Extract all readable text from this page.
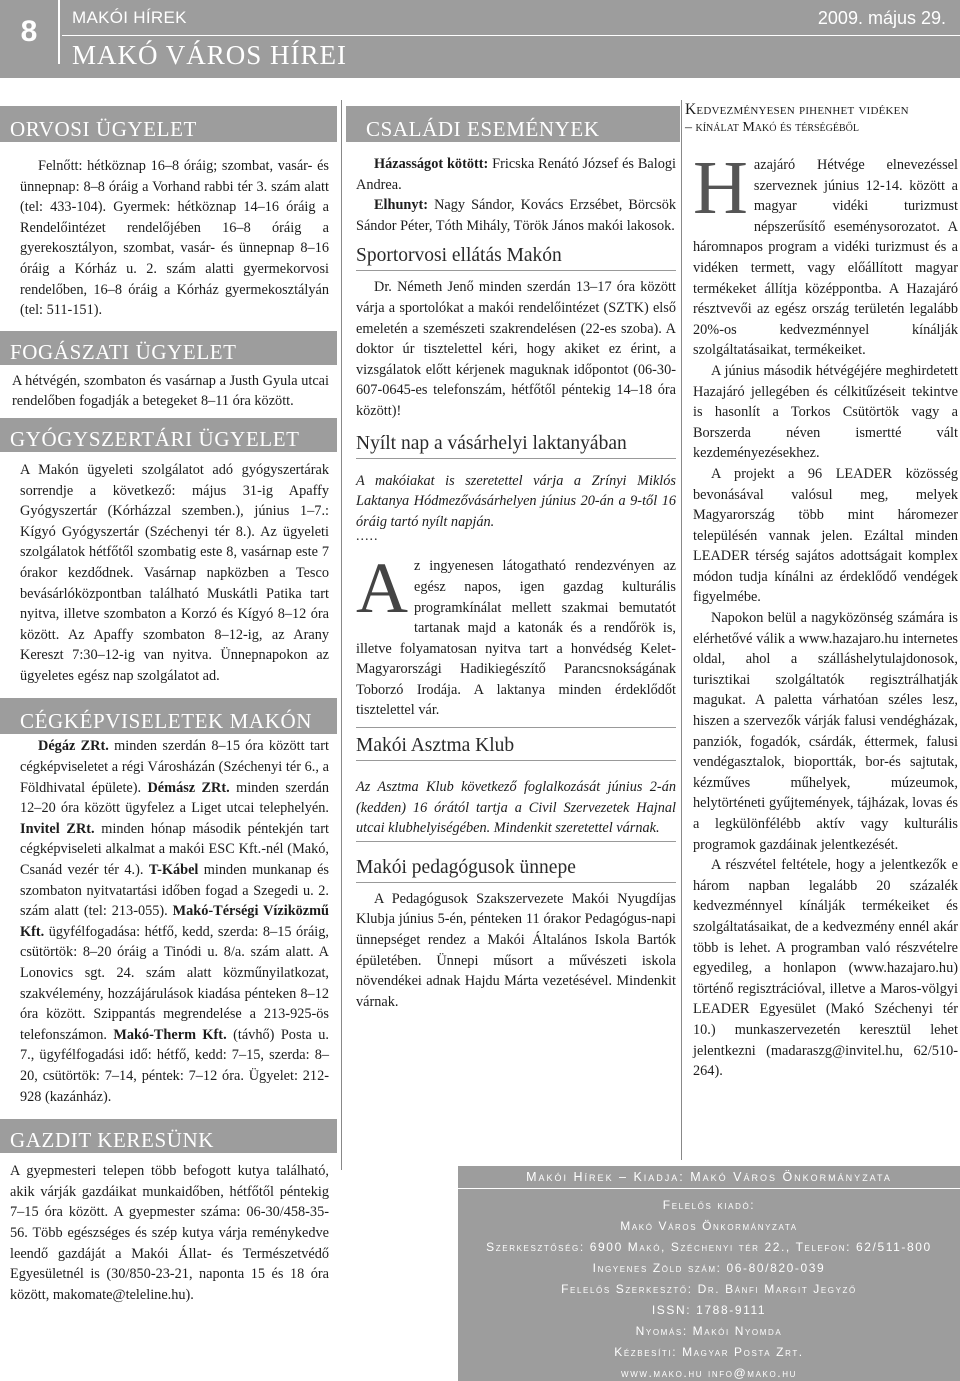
8	MAKÓI HÍREK	2009. május 29.
MAKÓ VÁROS HÍREI
ORVOSI ÜGYELET
Felnőtt: hétköznap 16–8 óráig; szombat, vasár- és ünnepnap: 8–8 óráig a Vorhand rabbi tér 3. szám alatt (tel: 433-104). Gyermek: hétköznap 14–16 óráig a Rendelőintézet rendelőjében 16–8 óráig a gyerekosztályon, szombat, vasár- és ünnepnap 8–16 óráig a Kórház u. 2. szám alatti gyermekorvosi rendelőben, 16–8 óráig a Kórház gyermekosztályán (tel: 511-151).
FOGÁSZATI ÜGYELET
A hétvégén, szombaton és vasárnap a Justh Gyula utcai rendelőben fogadják a betegeket 8–11 óra között.
GYÓGYSZERTÁRI ÜGYELET
A Makón ügyeleti szolgálatot adó gyógyszertárak sorrendje a következő: május 31-ig Apaffy Gyógyszertár (Kórházzal szemben.), június 1–7.: Kígyó Gyógyszertár (Széchenyi tér 8.). Az ügyeleti szolgálatok hétfőtől szombatig este 8, vasárnap este 7 órakor kezdődnek. Vasárnap napközben a Tesco bevásárlóközpontban található Muskátli Patika tart nyitva, illetve szombaton a Korzó és Kígyó 8–12 óra között. Az Apaffy szombaton 8–12-ig, az Arany Kereszt 7:30–12-ig van nyitva. Ünnepnapokon az ügyeletes egész nap szolgálatot ad.
CÉGKÉPVISELETEK MAKÓN
Dégáz ZRt. minden szerdán 8–15 óra között tart cégképviseletet a régi Városházán (Széchenyi tér 6., a Földhivatal épülete). Démász ZRt. minden szerdán 12–20 óra között ügyfelez a Liget utcai telephelyén. Invitel ZRt. minden hónap második péntekjén tart cégképviseleti alkalmat a makói ESC Kft.-nél (Makó, Csanád vezér tér 4.). T-Kábel minden munkanap és szombaton nyitvatartási időben fogad a Szegedi u. 2. szám alatt (tel: 213-055). Makó-Térségi Víziközmű Kft. ügyfélfogadása: hétfő, kedd, szerda: 8–15 óráig, csütörtök: 8–20 óráig a Tinódi u. 8/a. szám alatt. A Lonovics sgt. 24. szám alatt közműnyilatkozat, szakvélemény, hozzájárulások kiadása pénteken 8–12 óra között. Szippantás megrendelése a 213-925-ös telefonszámon. Makó-Therm Kft. (távhő) Posta u. 7., ügyfélfogadási idő: hétfő, kedd: 7–15, szerda: 8–20, csütörtök: 7–14, péntek: 7–12 óra. Ügyelet: 212-928 (kazánház).
GAZDIT KERESÜNK
A gyepmesteri telepen több befogott kutya található, akik várják gazdáikat munkaidőben, hétfőtől péntekig 7–15 óra között. A gyepmester száma: 06-30/458-35-56. Több egészséges és szép kutya várja reménykedve leendő gazdáját a Makói Állat- és Természetvédő Egyesületnél is (30/850-23-21, naponta 15 és 18 óra között, makomate@teleline.hu).
CSALÁDI ESEMÉNYEK
Házasságot kötött: Fricska Renátó József és Balogi Andrea.
Elhunyt: Nagy Sándor, Kovács Erzsébet, Börcsök Sándor Péter, Tóth Mihály, Török János makói lakosok.
Sportorvosi ellátás Makón
Dr. Németh Jenő minden szerdán 13–17 óra között várja a sportolókat a makói rendelőintézet (SZTK) első emeletén a szemészeti szakrendelésen (22-es szoba). A doktor úr tisztelettel kéri, hogy akiket ez érint, a vizsgálatok előtt kérjenek maguknak időpontot (06-30-607-0645-es telefonszám, hétfőtől péntekig 14–18 óra között)!
Nyílt nap a vásárhelyi laktanyában
A makóiakat is szeretettel várja a Zrínyi Miklós Laktanya Hódmezővásárhelyen június 20-án a 9-től 16 óráig tartó nyílt napján.
.....
Az ingyenesen látogatható rendezvényen az egész napos, igen gazdag kulturális programkínálat mellett szakmai bemutatót tartanak majd a katonák és a rendőrök is, illetve folyamatosan nyitva tart a honvédség Kelet-Magyarországi Hadikiegészítő Parancsnokságának Toborzó Irodája. A laktanya minden érdeklődőt tisztelettel vár.
Makói Asztma Klub
Az Asztma Klub következő foglalkozását június 2-án (kedden) 16 órától tartja a Civil Szervezetek Hajnal utcai klubhelyiségében. Mindenkit szeretettel várnak.
Makói pedagógusok ünnepe
A Pedagógusok Szakszervezete Makói Nyugdíjas Klubja június 5-én, pénteken 11 órakor Pedagógus-napi ünnepséget rendez a Makói Általános Iskola Bartók épületében. Ünnepi műsort a művészeti iskola növendékei adnak Hajdu Márta vezetésével. Mindenkit várnak.
Kedvezményesen pihenhet vidéken
– kínálat Makó és térségéből
Hazajáró Hétvége elnevezéssel szerveznek június 12-14. között a magyar vidéki turizmust népszerűsítő eseménysorozatot. A háromnapos program a vidéki turizmust és a vidéken termett, vagy előállított magyar termékeket állítja középpontba. A Hazajáró résztvevői az egész ország területén legalább 20%-os kedvezménnyel kínálják szolgáltatásaikat, termékeiket.
A június második hétvégéjére meghirdetett Hazajáró jellegében és célkitűzéseit tekintve is hasonlít a Torkos Csütörtök vagy a Borszerda néven ismertté vált kezdeményezésekhez.
A projekt a 96 LEADER közösség bevonásával valósul meg, melyek Magyarország több mint háromezer településén vannak jelen. Ezáltal minden LEADER térség sajátos adottságait komplex módon tudja kínálni az érdeklődő vendégek figyelmébe.
Napokon belül a nagyközönség számára is elérhetővé válik a www.hazajaro.hu internetes oldal, ahol a szálláshelytulajdonosok, turisztikai szolgáltatók regisztrálhatják magukat. A paletta várhatóan széles lesz, hiszen a szervezők várják falusi vendégházak, panziók, fogadók, csárdák, éttermek, falusi vendégasztalok, bioportták, bor-és sajtutak, kézműves műhelyek, múzeumok, helytörténeti gyűjtemények, tájházak, lovas és a legkülönfélébb aktív vagy kulturális programok gazdáinak jelentkezését.
A részvétel feltétele, hogy a jelentkezők e három napban legalább 20 százalék kedvezménnyel kínálják termékeiket és szolgáltatásaikat, de a kedvezmény ennél akár több is lehet. A programban való részvételre egyedileg, a honlapon (www.hazajaro.hu) történő regisztrációval, illetve a Maros-völgyi LEADER Egyesület (Makó Széchenyi tér 10.) munkaszervezetén keresztül lehet jelentkezni (madaraszg@invitel.hu, 62/510-264).
Makói Hírek – Kiadja: Makó Város Önkormányzata
Felelős kiadó:
Makó Város Önkormányzata
Szerkesztőség: 6900 Makó, Széchenyi tér 22., Telefon: 62/511-800
Ingyenes Zöld szám: 06-80/820-039
Felelős Szerkesztő: Dr. Bánfi Margit Jegyző
ISSN: 1788-9111
Nyomás: Makói Nyomda
Kézbesíti: Magyar Posta Zrt.
www.mako.hu info@mako.hu
